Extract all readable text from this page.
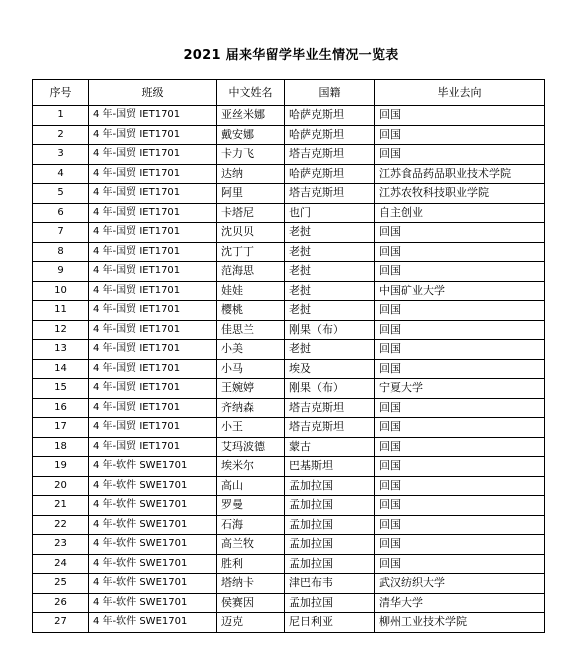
2021 届来华留学毕业生情况一览表
序号	班级	中文姓名	国籍	毕业去向
1	4 年-国贸 IET1701	亚丝米娜	哈萨克斯坦	回国
2	4 年-国贸 IET1701	戴安娜	哈萨克斯坦	回国
3	4 年-国贸 IET1701	卡力飞	塔吉克斯坦	回国
4	4 年-国贸 IET1701	达纳	哈萨克斯坦	江苏食品药品职业技术学院
5	4 年-国贸 IET1701	阿里	塔吉克斯坦	江苏农牧科技职业学院
6	4 年-国贸 IET1701	卡塔尼	也门	自主创业
7	4 年-国贸 IET1701	沈贝贝	老挝	回国
8	4 年-国贸 IET1701	沈丁丁	老挝	回国
9	4 年-国贸 IET1701	范海思	老挝	回国
10	4 年-国贸 IET1701	娃娃	老挝	中国矿业大学
11	4 年-国贸 IET1701	樱桃	老挝	回国
12	4 年-国贸 IET1701	佳思兰	刚果（布）	回国
13	4 年-国贸 IET1701	小美	老挝	回国
14	4 年-国贸 IET1701	小马	埃及	回国
15	4 年-国贸 IET1701	王婉婷	刚果（布）	宁夏大学
16	4 年-国贸 IET1701	齐纳森	塔吉克斯坦	回国
17	4 年-国贸 IET1701	小王	塔吉克斯坦	回国
18	4 年-国贸 IET1701	艾玛波德	蒙古	回国
19	4 年-软件 SWE1701	埃米尔	巴基斯坦	回国
20	4 年-软件 SWE1701	高山	孟加拉国	回国
21	4 年-软件 SWE1701	罗曼	孟加拉国	回国
22	4 年-软件 SWE1701	石海	孟加拉国	回国
23	4 年-软件 SWE1701	高兰牧	孟加拉国	回国
24	4 年-软件 SWE1701	胜利	孟加拉国	回国
25	4 年-软件 SWE1701	塔纳卡	津巴布韦	武汉纺织大学
26	4 年-软件 SWE1701	侯赛因	孟加拉国	清华大学
27	4 年-软件 SWE1701	迈克	尼日利亚	柳州工业技术学院
